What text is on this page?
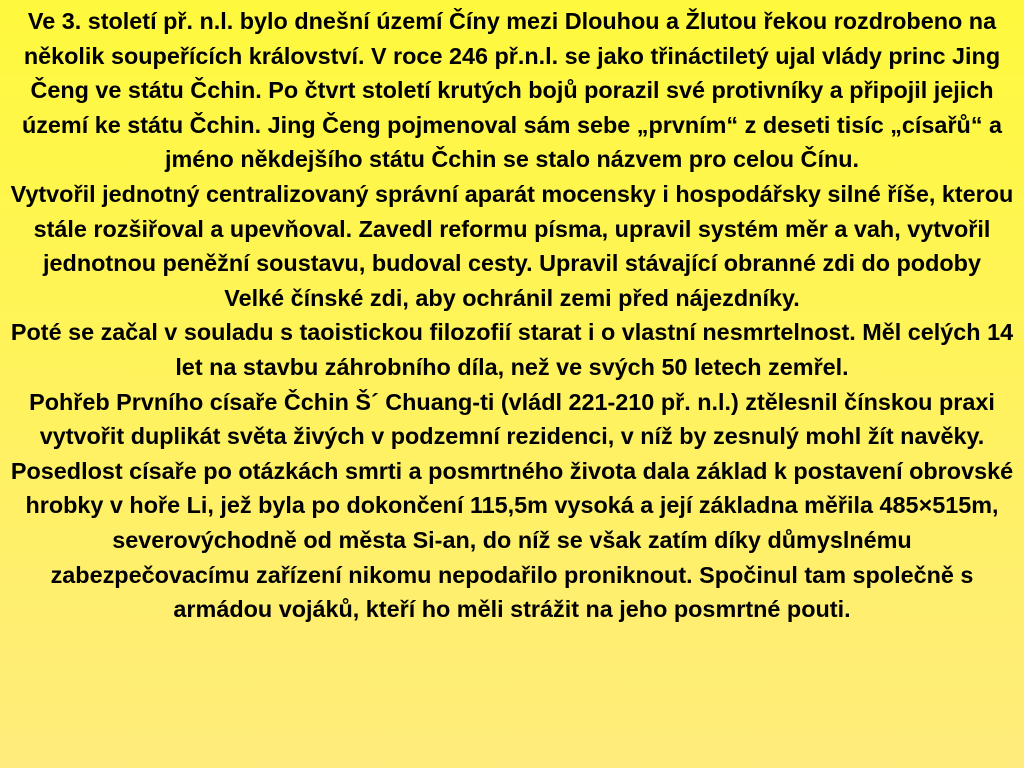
Ve 3. století př. n.l. bylo dnešní území Číny mezi Dlouhou a Žlutou řekou rozdrobeno na několik soupeřících království. V roce 246 př.n.l. se jako třináctiletý ujal vlády princ Jing Čeng ve státu Čchin. Po čtvrt století krutých bojů porazil své protivníky a připojil jejich území ke státu Čchin. Jing Čeng pojmenoval sám sebe „prvním“ z deseti tisíc „císařů“ a jméno někdejšího státu Čchin se stalo názvem pro celou Čínu.

Vytvořil jednotný centralizovaný správní aparát mocensky i hospodářsky silné říše, kterou stále rozšiřoval a upevňoval. Zavedl reformu písma, upravil systém měr a vah, vytvořil jednotnou peněžní soustavu, budoval cesty. Upravil stávající obranné zdi do podoby Velké čínské zdi, aby ochránil zemi před nájezdníky.

Poté se začal v souladu s taoistickou filozofií starat i o vlastní nesmrtelnost. Měl celých 14 let na stavbu záhrobního díla, než ve svých 50 letech zemřel.

Pohřeb Prvního císaře Čchin Š´ Chuang-ti (vládl 221-210 př. n.l.) ztělesnil čínskou praxi vytvořit duplikát světa živých v podzemní rezidenci, v níž by zesnulý mohl žít navěky. Posedlost císaře po otázkách smrti a posmrtného života dala základ k postavení obrovské hrobky v hoře Li, jež byla po dokončení 115,5m vysoká a její základna měřila 485×515m, severovýchodně od města Si-an, do níž se však zatím díky důmyslnému zabezpečovacímu zařízení nikomu nepodařilo proniknout. Spočinul tam společně s armádou vojáků, kteří ho měli strážit na jeho posmrtné pouti.
